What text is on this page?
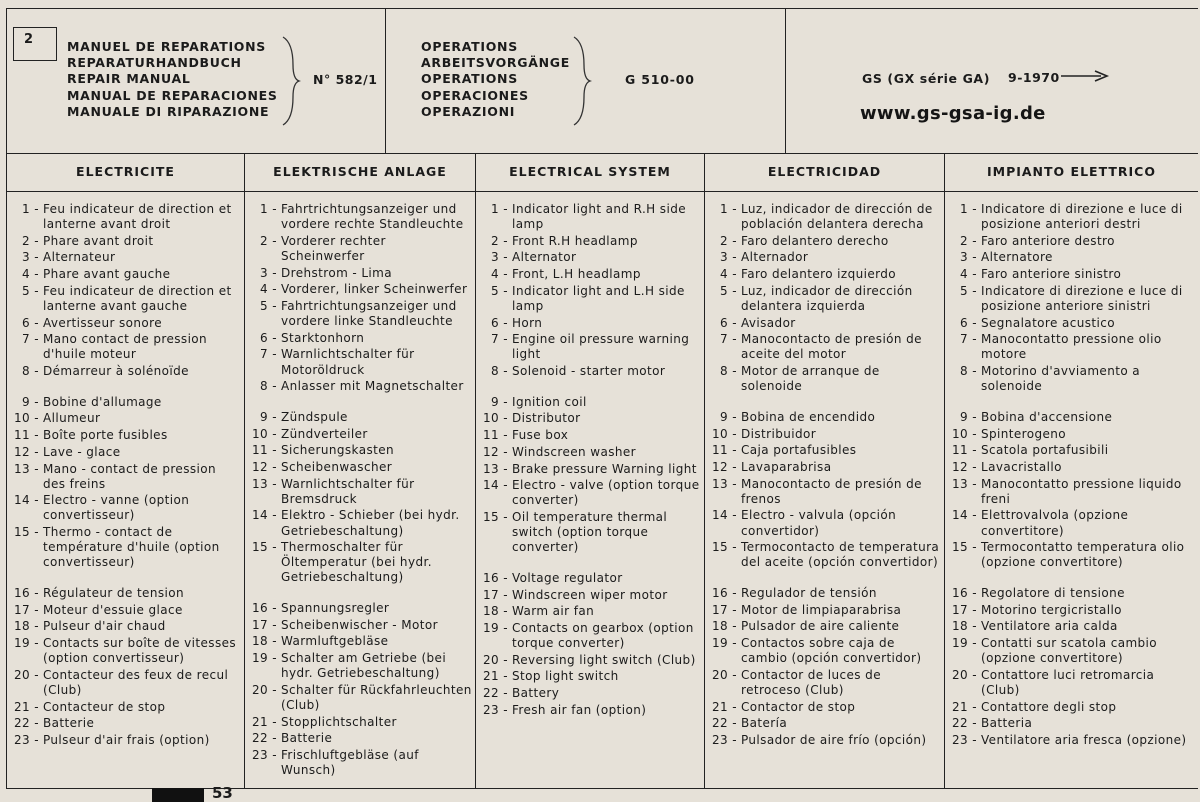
2	MANUEL DE REPARATIONS
REPARATURHANDBUCH
REPAIR MANUAL
MANUAL DE REPARACIONES
MANUALE DI RIPARAZIONE
N° 582/1
OPERATIONS
ARBEITSVORGÄNGE
OPERATIONS
OPERACIONES
OPERAZIONI
G 510-00	GS (GX série GA) 9-1970
www.gs-gsa-ig.de
ELECTRICITE
1 - Feu indicateur de direction et lanterne avant droit
2 - Phare avant droit
3 - Alternateur
4 - Phare avant gauche
5 - Feu indicateur de direction et lanterne avant gauche
6 - Avertisseur sonore
7 - Mano contact de pression d'huile moteur
8 - Démarreur à solénoïde
9 - Bobine d'allumage
10 - Allumeur
11 - Boîte porte fusibles
12 - Lave - glace
13 - Mano - contact de pression des freins
14 - Electro - vanne (option convertisseur)
15 - Thermo - contact de température d'huile (option convertisseur)
16 - Régulateur de tension
17 - Moteur d'essuie glace
18 - Pulseur d'air chaud
19 - Contacts sur boîte de vitesses (option convertisseur)
20 - Contacteur des feux de recul (Club)
21 - Contacteur de stop
22 - Batterie
23 - Pulseur d'air frais (option)
ELEKTRISCHE ANLAGE
1 - Fahrtrichtungsanzeiger und vordere rechte Standleuchte
2 - Vorderer rechter Scheinwerfer
3 - Drehstrom - Lima
4 - Vorderer, linker Scheinwerfer
5 - Fahrtrichtungsanzeiger und vordere linke Standleuchte
6 - Starktonhorn
7 - Warnlichtschalter für Motoröldruck
8 - Anlasser mit Magnetschalter
9 - Zündspule
10 - Zündverteiler
11 - Sicherungskasten
12 - Scheibenwascher
13 - Warnlichtschalter für Bremsdruck
14 - Elektro - Schieber (bei hydr. Getriebeschaltung)
15 - Thermoschalter für Öltemperatur (bei hydr. Getriebeschaltung)
16 - Spannungsregler
17 - Scheibenwischer - Motor
18 - Warmluftgebläse
19 - Schalter am Getriebe (bei hydr. Getriebeschaltung)
20 - Schalter für Rückfahrleuchten (Club)
21 - Stopplichtschalter
22 - Batterie
23 - Frischluftgebläse (auf Wunsch)
ELECTRICAL SYSTEM
1 - Indicator light and R.H side lamp
2 - Front R.H headlamp
3 - Alternator
4 - Front, L.H headlamp
5 - Indicator light and L.H side lamp
6 - Horn
7 - Engine oil pressure warning light
8 - Solenoid - starter motor
9 - Ignition coil
10 - Distributor
11 - Fuse box
12 - Windscreen washer
13 - Brake pressure Warning light
14 - Electro - valve (option torque converter)
15 - Oil temperature thermal switch (option torque converter)
16 - Voltage regulator
17 - Windscreen wiper motor
18 - Warm air fan
19 - Contacts on gearbox (option torque converter)
20 - Reversing light switch (Club)
21 - Stop light switch
22 - Battery
23 - Fresh air fan (option)
ELECTRICIDAD
1 - Luz, indicador de dirección de población delantera derecha
2 - Faro delantero derecho
3 - Alternador
4 - Faro delantero izquierdo
5 - Luz, indicador de dirección delantera izquierda
6 - Avisador
7 - Manocontacto de presión de aceite del motor
8 - Motor de arranque de solenoide
9 - Bobina de encendido
10 - Distribuidor
11 - Caja portafusibles
12 - Lavaparabrisa
13 - Manocontacto de presión de frenos
14 - Electro - valvula (opción convertidor)
15 - Termocontacto de temperatura del aceite (opción convertidor)
16 - Regulador de tensión
17 - Motor de limpiaparabrisa
18 - Pulsador de aire caliente
19 - Contactos sobre caja de cambio (opción convertidor)
20 - Contactor de luces de retroceso (Club)
21 - Contactor de stop
22 - Batería
23 - Pulsador de aire frío (opción)
IMPIANTO ELETTRICO
1 - Indicatore di direzione e luce di posizione anteriori destri
2 - Faro anteriore destro
3 - Alternatore
4 - Faro anteriore sinistro
5 - Indicatore di direzione e luce di posizione anteriore sinistri
6 - Segnalatore acustico
7 - Manocontatto pressione olio motore
8 - Motorino d'avviamento a solenoide
9 - Bobina d'accensione
10 - Spinterogeno
11 - Scatola portafusibili
12 - Lavacristallo
13 - Manocontatto pressione liquido freni
14 - Elettrovalvola (opzione convertitore)
15 - Termocontatto temperatura olio (opzione convertitore)
16 - Regolatore di tensione
17 - Motorino tergicristallo
18 - Ventilatore aria calda
19 - Contatti sur scatola cambio (opzione convertitore)
20 - Contattore luci retromarcia (Club)
21 - Contattore degli stop
22 - Batteria
23 - Ventilatore aria fresca (opzione)
53
